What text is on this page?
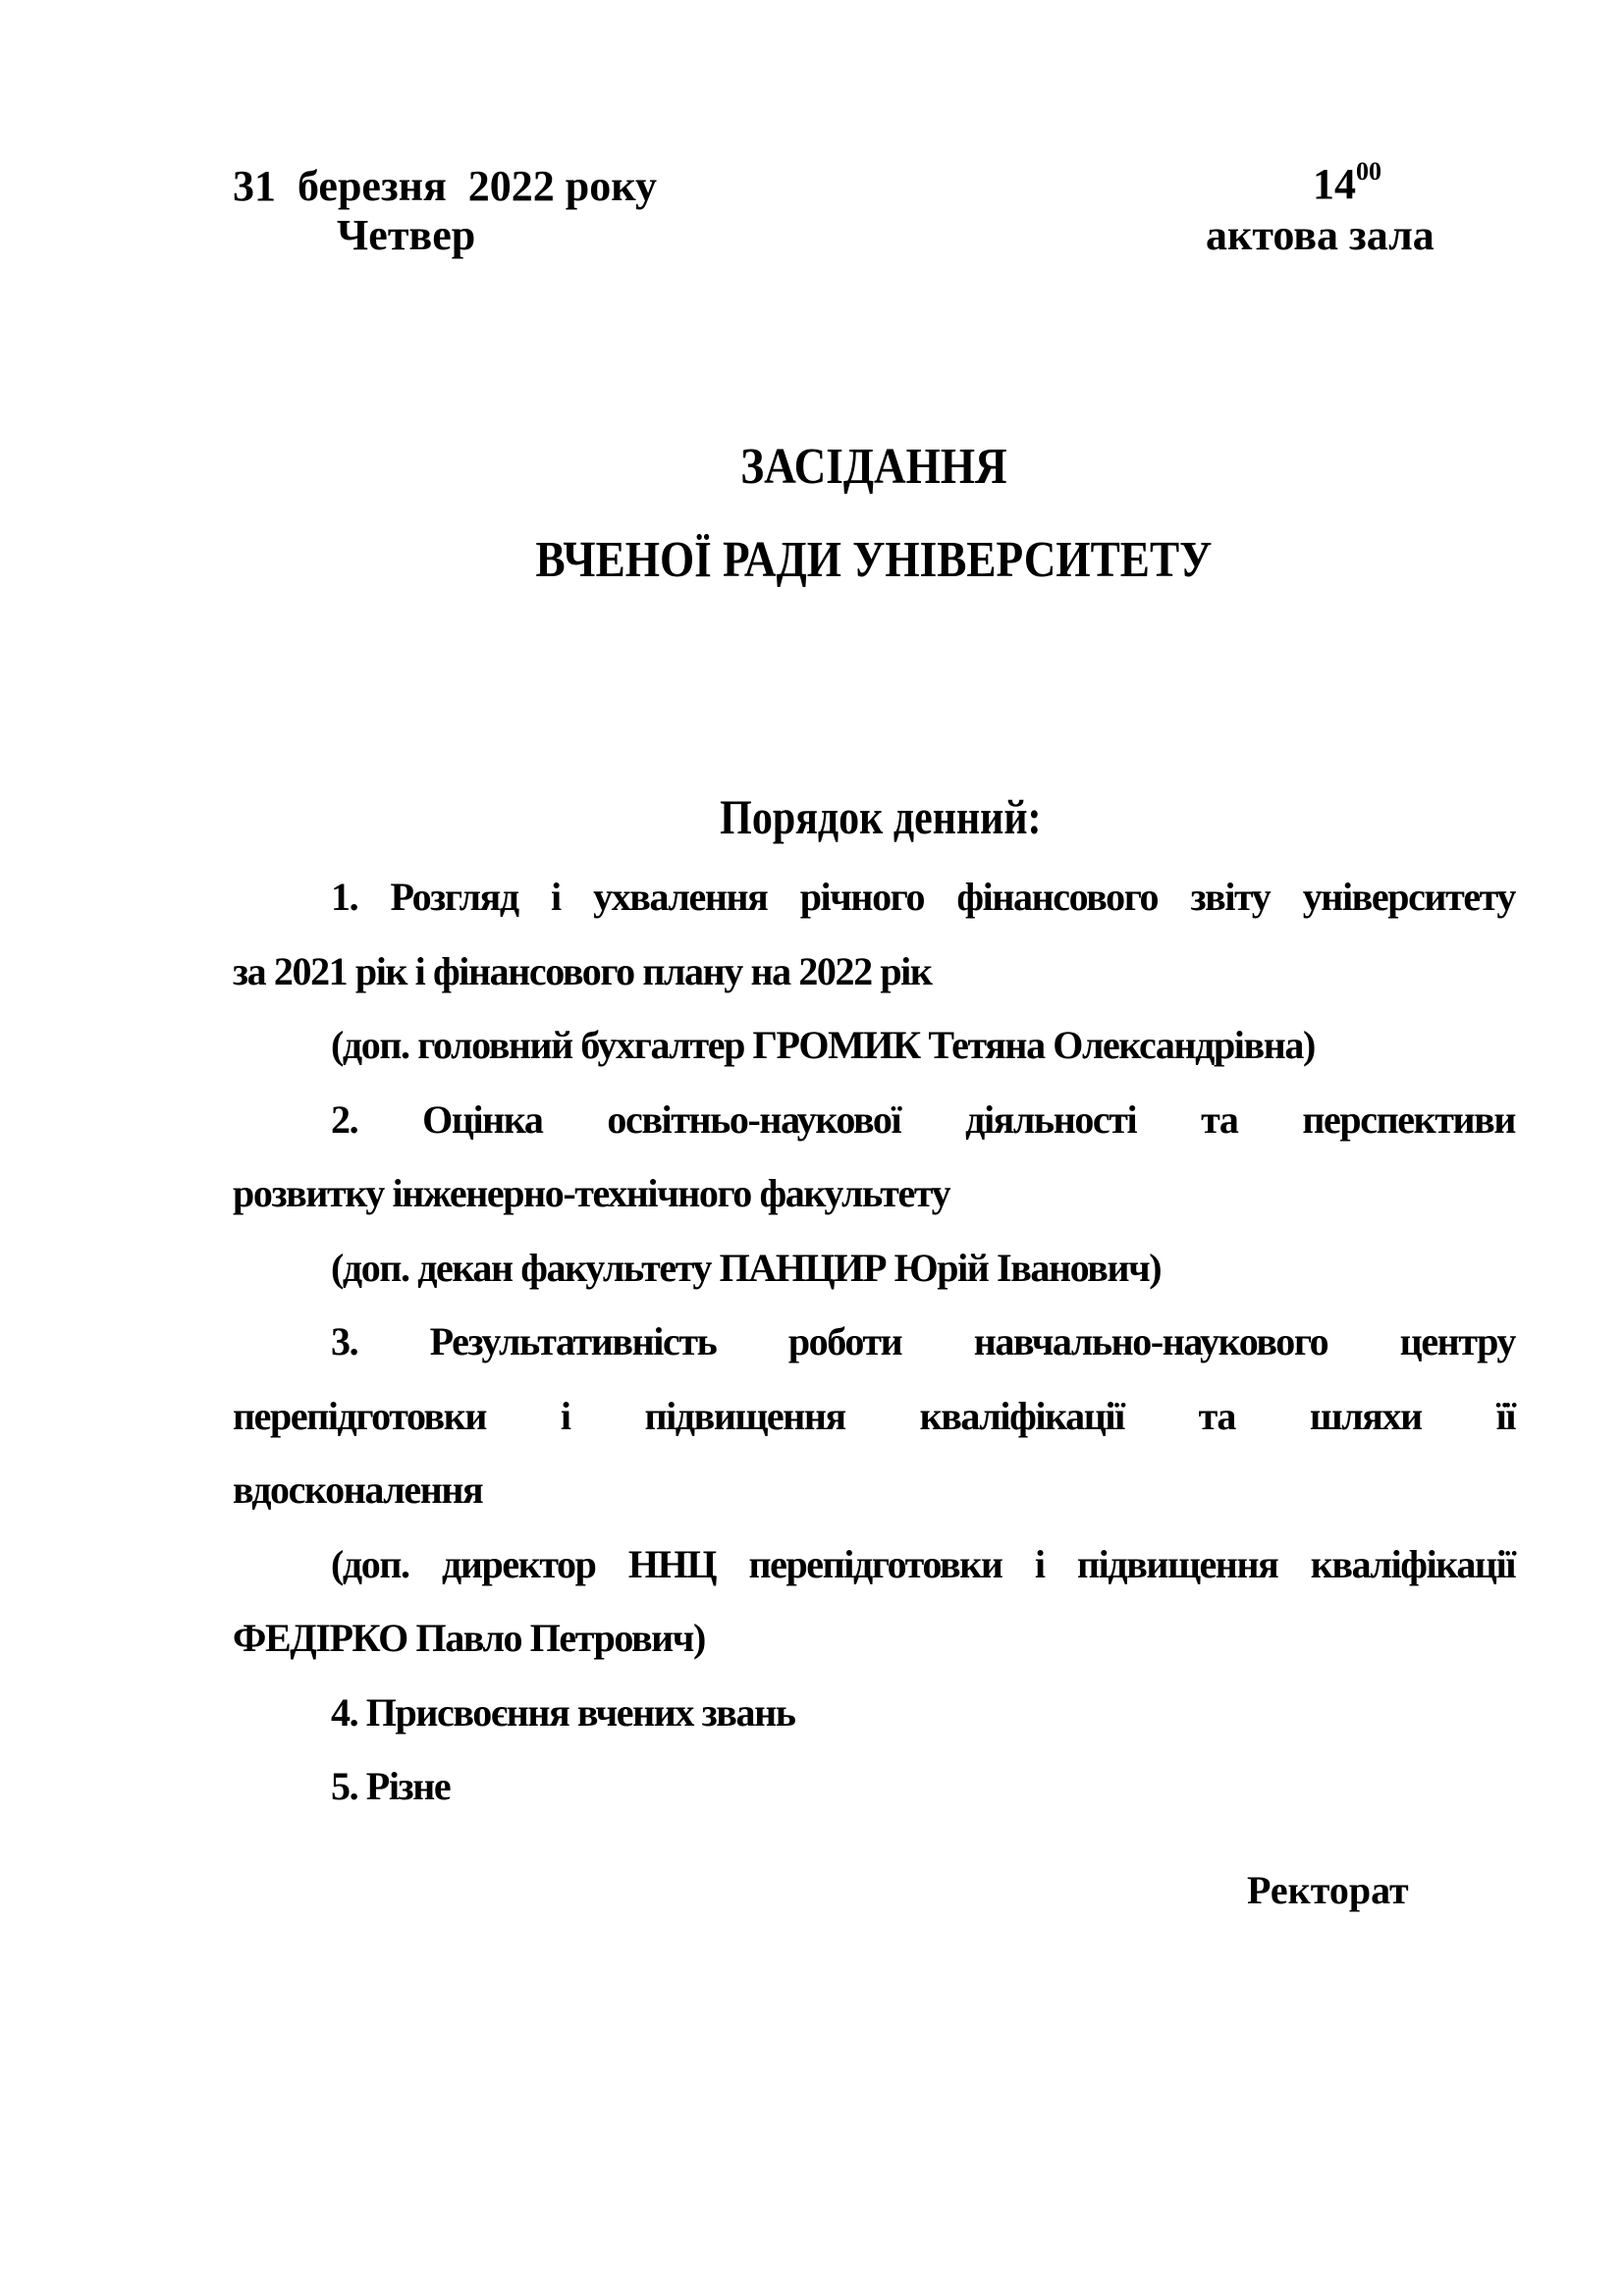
31  березня  2022 року
Четвер
$14^{00}$
актова зала
ЗАСІДАННЯ
ВЧЕНОЇ РАДИ УНІВЕРСИТЕТУ
Порядок денний:
1. Розгляд і ухвалення річного фінансового звіту університету
за 2021 рік і фінансового плану на 2022 рік
(доп. головний бухгалтер ГРОМИК Тетяна Олександрівна)
2. Оцінка освітньо-наукової діяльності та перспективи
розвитку інженерно-технічного факультету
(доп. декан факультету ПАНЦИР Юрій Іванович)
3. Результативність роботи навчально-наукового центру
перепідготовки і підвищення кваліфікації та шляхи її
вдосконалення
(доп. директор ННЦ перепідготовки і підвищення кваліфікації
ФЕДІРКО Павло Петрович)
4. Присвоєння вчених звань
5. Різне
Ректорат
